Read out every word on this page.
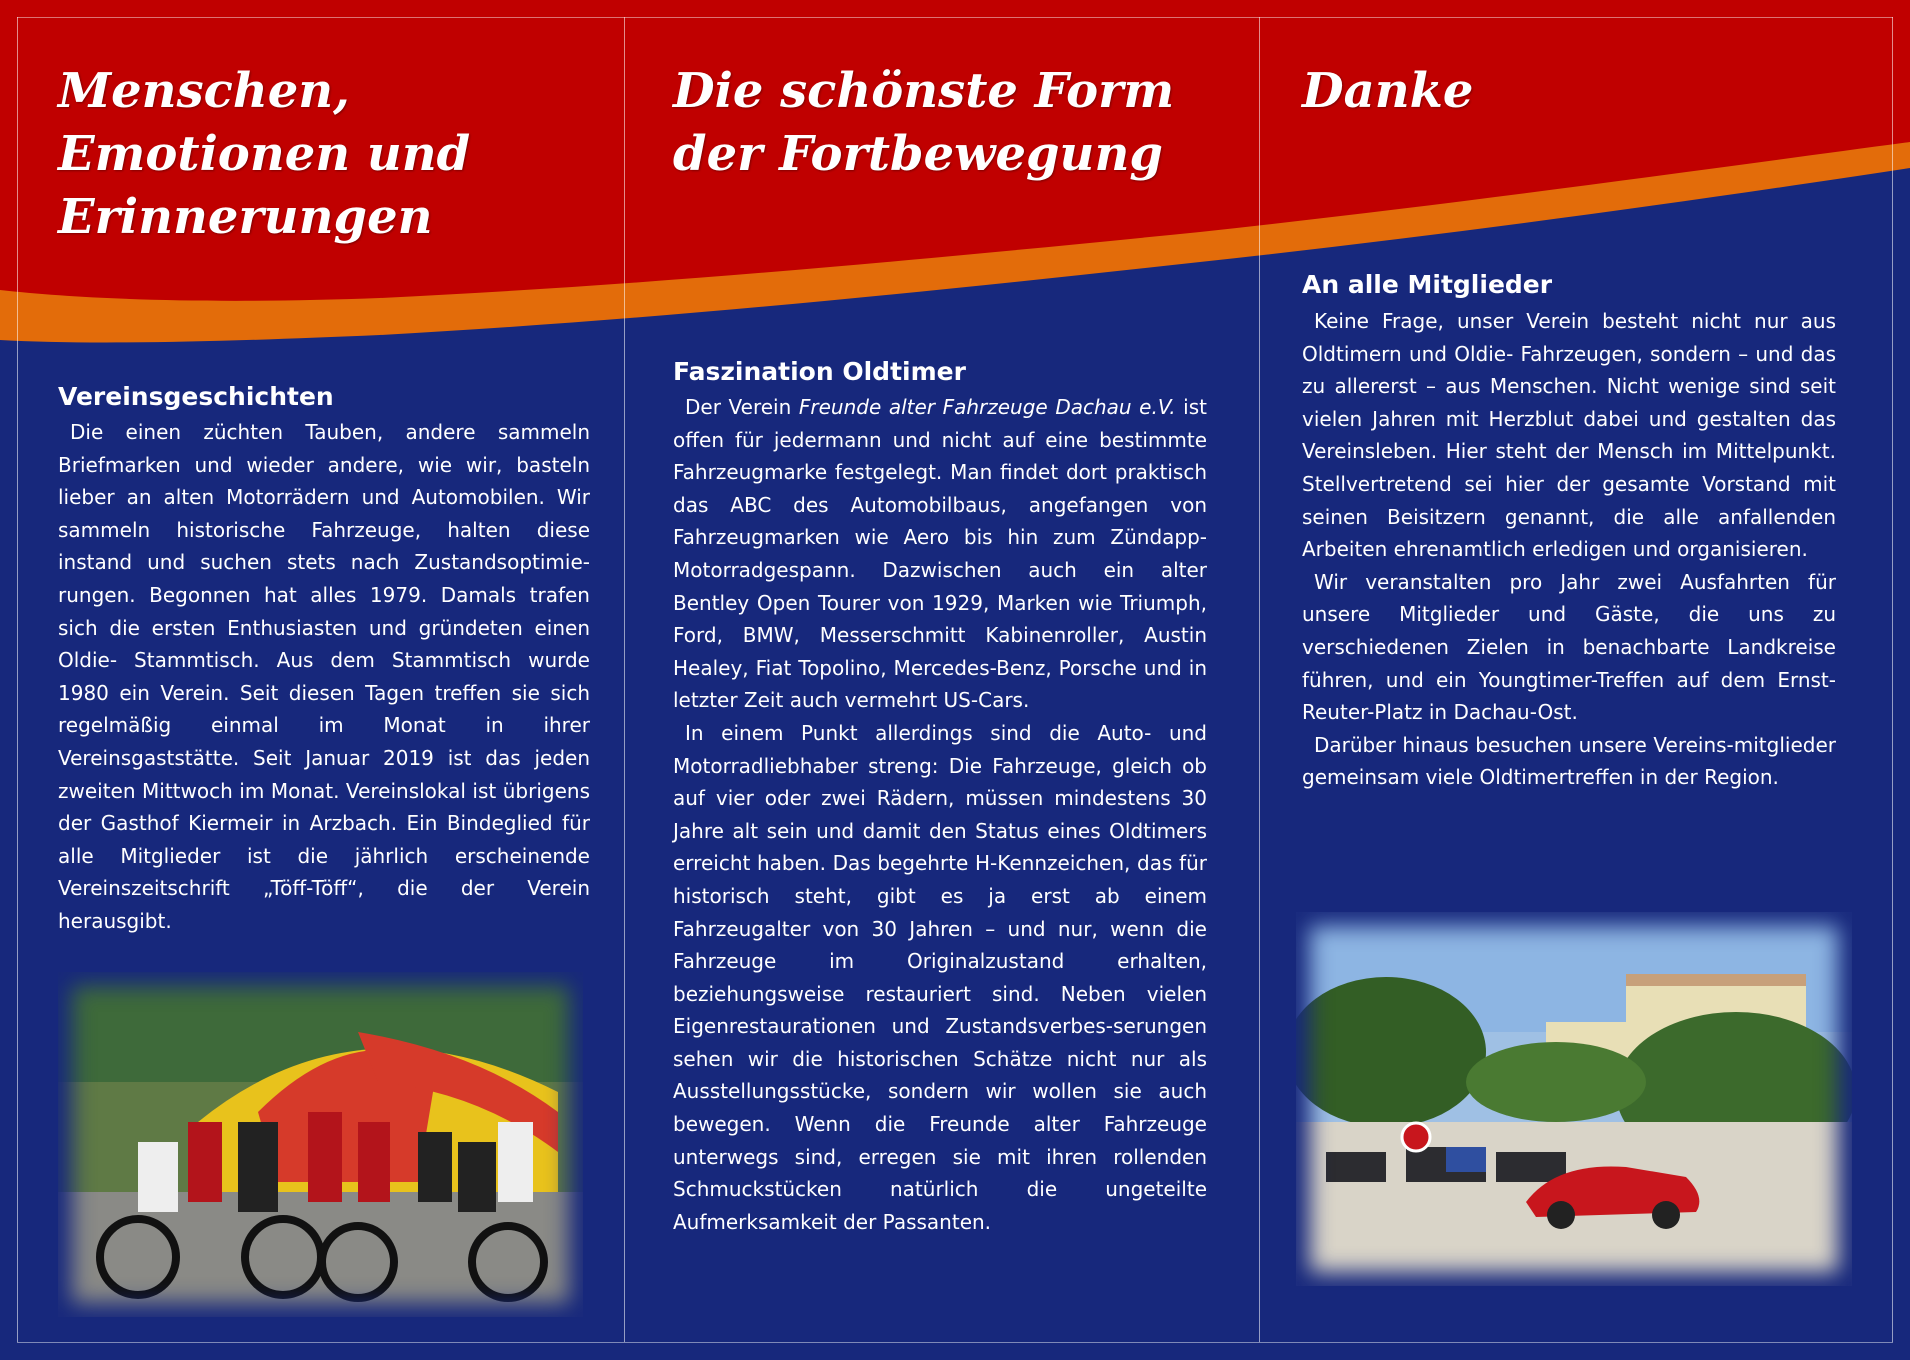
Menschen,
Emotionen und
Erinnerungen
Vereinsgeschichten

Die einen züchten Tauben, andere sammeln Briefmarken und wieder andere, wie wir, basteln lieber an alten Motorrädern und Automobilen. Wir sammeln historische Fahrzeuge, halten diese instand und suchen stets nach Zustandsoptimie-rungen. Begonnen hat alles 1979. Damals trafen sich die ersten Enthusiasten und gründeten einen Oldie- Stammtisch. Aus dem Stammtisch wurde 1980 ein Verein. Seit diesen Tagen treffen sie sich regelmäßig einmal im Monat in ihrer Vereinsgaststätte. Seit Januar 2019 ist das jeden zweiten Mittwoch im Monat. Vereinslokal ist übrigens der Gasthof Kiermeir in Arzbach. Ein Bindeglied für alle Mitglieder ist die jährlich erscheinende Vereinszeitschrift „Töff-Töff“, die der Verein herausgibt.

Die schönste Form
der Fortbewegung
Faszination Oldtimer

Der Verein Freunde alter Fahrzeuge Dachau e.V. ist offen für jedermann und nicht auf eine bestimmte Fahrzeugmarke festgelegt. Man findet dort praktisch das ABC des Automobilbaus, angefangen von Fahrzeugmarken wie Aero bis hin zum Zündapp-Motorradgespann. Dazwischen auch ein alter Bentley Open Tourer von 1929, Marken wie Triumph, Ford, BMW, Messerschmitt Kabinenroller, Austin Healey, Fiat Topolino, Mercedes-Benz, Porsche und in letzter Zeit auch vermehrt US-Cars.

In einem Punkt allerdings sind die Auto- und Motorradliebhaber streng: Die Fahrzeuge, gleich ob auf vier oder zwei Rädern, müssen mindestens 30 Jahre alt sein und damit den Status eines Oldtimers erreicht haben. Das begehrte H-Kennzeichen, das für historisch steht, gibt es ja erst ab einem Fahrzeugalter von 30 Jahren – und nur, wenn die Fahrzeuge im Originalzustand erhalten, beziehungsweise restauriert sind. Neben vielen Eigenrestaurationen und Zustandsverbes-serungen sehen wir die historischen Schätze nicht nur als Ausstellungsstücke, sondern wir wollen sie auch bewegen. Wenn die Freunde alter Fahrzeuge unterwegs sind, erregen sie mit ihren rollenden Schmuckstücken natürlich die ungeteilte Aufmerksamkeit der Passanten.

Danke
An alle Mitglieder

Keine Frage, unser Verein besteht nicht nur aus Oldtimern und Oldie- Fahrzeugen, sondern – und das zu allererst – aus Menschen. Nicht wenige sind seit vielen Jahren mit Herzblut dabei und gestalten das Vereinsleben. Hier steht der Mensch im Mittelpunkt. Stellvertretend sei hier der gesamte Vorstand mit seinen Beisitzern genannt, die alle anfallenden Arbeiten ehrenamtlich erledigen und organisieren.

Wir veranstalten pro Jahr zwei Ausfahrten für unsere Mitglieder und Gäste, die uns zu verschiedenen Zielen in benachbarte Landkreise führen, und ein Youngtimer-Treffen auf dem Ernst-Reuter-Platz in Dachau-Ost.

Darüber hinaus besuchen unsere Vereins-mitglieder gemeinsam viele Oldtimertreffen in der Region.
